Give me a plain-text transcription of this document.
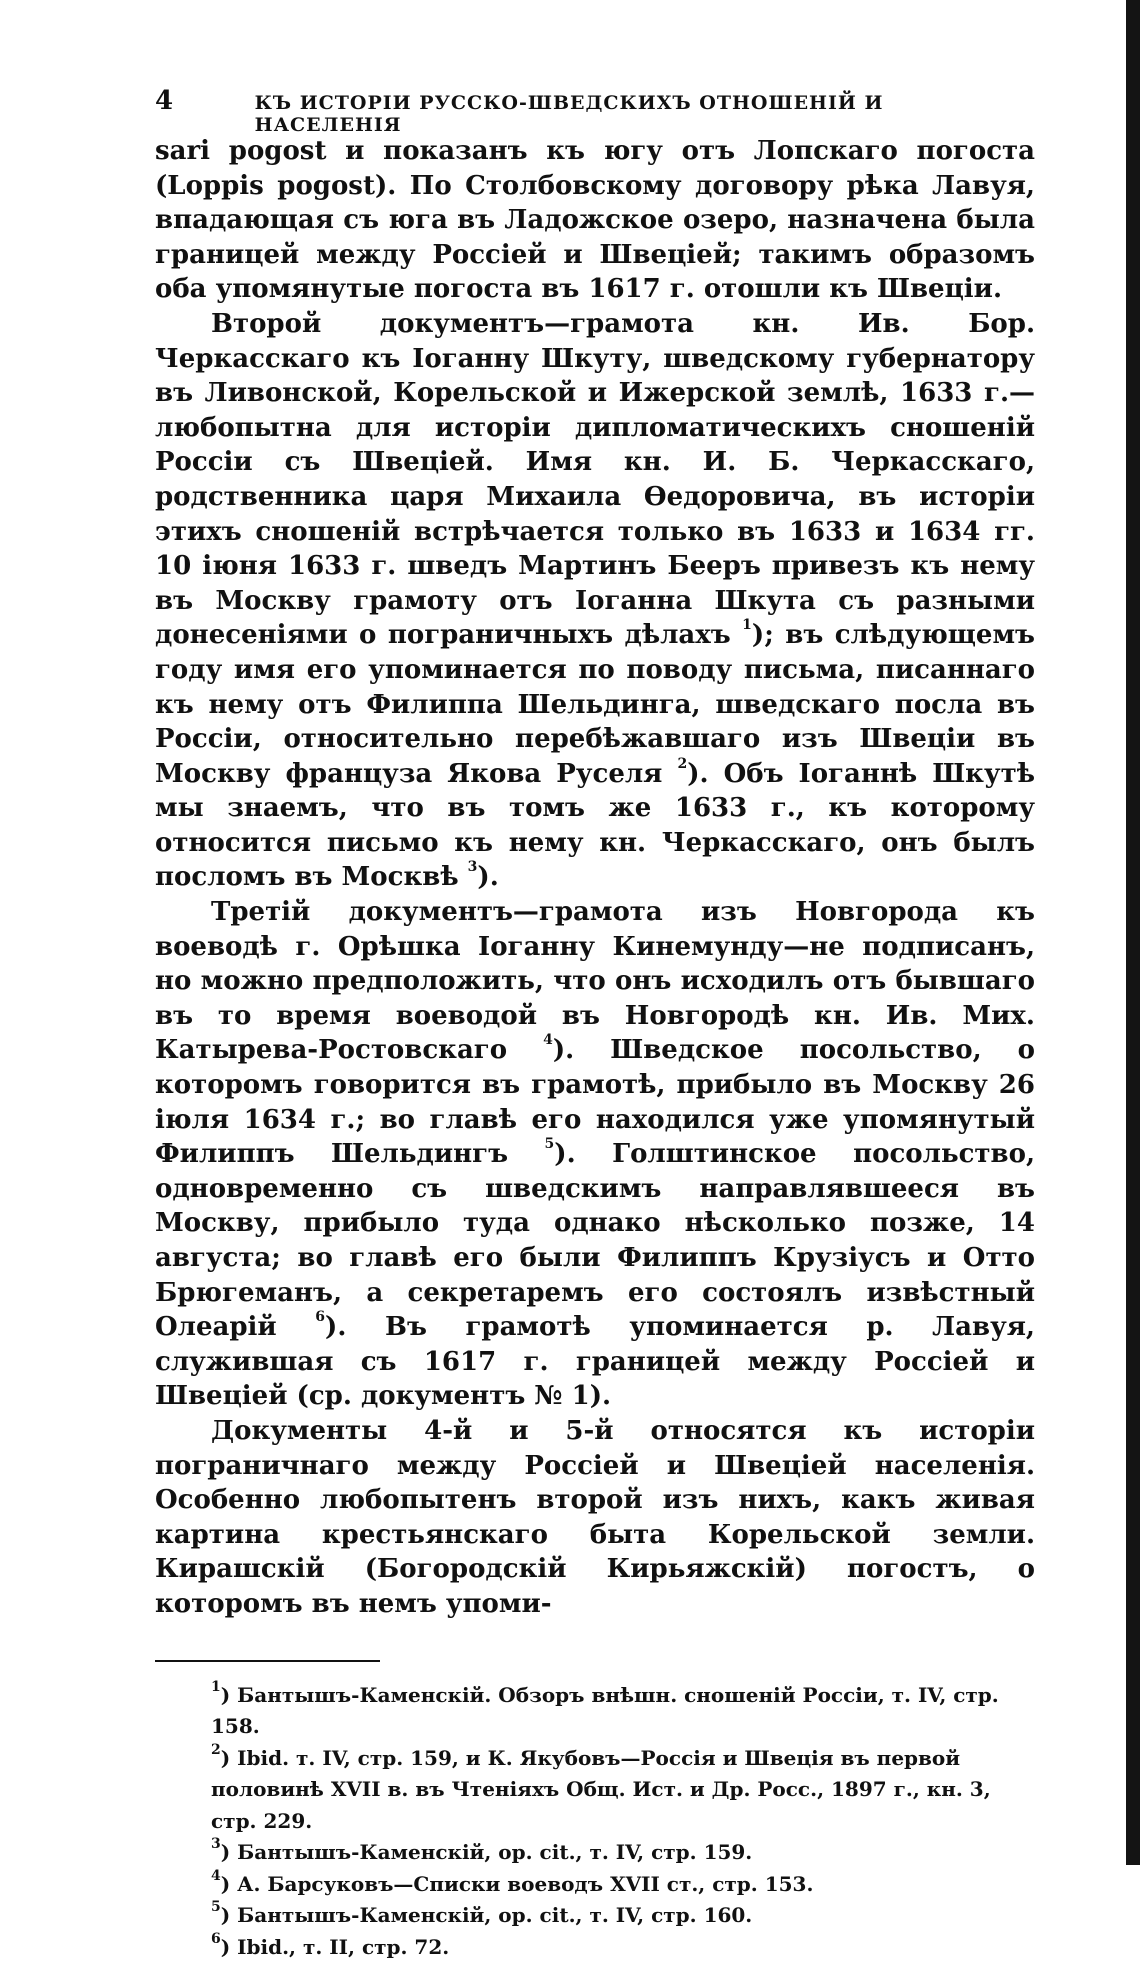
4	КЪ ИСТОРІИ РУССКО-ШВЕДСКИХЪ ОТНОШЕНІЙ И НАСЕЛЕНІЯ

sari pogost и показанъ къ югу отъ Лопскаго погоста (Loppis pogost). По Столбовскому договору рѣка Лавуя, впадающая съ юга въ Ладожское озеро, назначена была границей между Россіей и Швеціей; такимъ образомъ оба упомянутые погоста въ 1617 г. отошли къ Швеціи.

Второй документъ—грамота кн. Ив. Бор. Черкасскаго къ Іоганну Шкуту, шведскому губернатору въ Ливонской, Корельской и Ижерской землѣ, 1633 г.—любопытна для исторіи дипломатическихъ сношеній Россіи съ Швеціей. Имя кн. И. Б. Черкасскаго, родственника царя Михаила Ѳедоровича, въ исторіи этихъ сношеній встрѣчается только въ 1633 и 1634 гг. 10 іюня 1633 г. шведъ Мартинъ Бееръ привезъ къ нему въ Москву грамоту отъ Іоганна Шкута съ разными донесеніями о пограничныхъ дѣлахъ $^1$); въ слѣдующемъ году имя его упоминается по поводу письма, писаннаго къ нему отъ Филиппа Шельдинга, шведскаго посла въ Россіи, относительно перебѣжавшаго изъ Швеціи въ Москву француза Якова Руселя $^2$). Объ Іоганнѣ Шкутѣ мы знаемъ, что въ томъ же 1633 г., къ которому относится письмо къ нему кн. Черкасскаго, онъ былъ посломъ въ Москвѣ $^3$).

Третій документъ—грамота изъ Новгорода къ воеводѣ г. Орѣшка Іоганну Кинемунду—не подписанъ, но можно предположить, что онъ исходилъ отъ бывшаго въ то время воеводой въ Новгородѣ кн. Ив. Мих. Катырева-Ростовскаго	$^4$). Шведское посольство, о которомъ говорится въ грамотѣ, прибыло въ Москву 26 іюля 1634 г.; во главѣ его находился уже упомянутый Филиппъ Шельдингъ	$^5$). Голштинское посольство, одновременно съ шведскимъ направлявшееся въ Москву, прибыло туда однако нѣсколько позже, 14 августа; во главѣ его были Филиппъ Крузіусъ и Отто Брюгеманъ, а секретаремъ его состоялъ извѣстный Олеарій	$^6$). Въ грамотѣ упоминается р. Лавуя, служившая съ 1617 г. границей между Россіей и Швеціей (ср. документъ № 1).

Документы 4-й и 5-й относятся къ исторіи пограничнаго между Россіей и Швеціей населенія. Особенно любопытенъ второй изъ нихъ, какъ живая картина крестьянскаго быта Корельской земли. Кирашскій (Богородскій Кирьяжскій) погостъ, о которомъ въ немъ упоми-

$^1$) Бантышъ-Каменскій. Обзоръ внѣшн. сношеній Россіи, т. IV, стр. 158.
$^2$) Ibid. т. IV, стр. 159, и К. Якубовъ—Россія и Швеція въ первой половинѣ XVII в. въ Чтеніяхъ Общ. Ист. и Др. Росс., 1897 г., кн. 3, стр. 229.
$^3$) Бантышъ-Каменскій, op. cit., т. IV, стр. 159.
$^4$) А. Барсуковъ—Списки воеводъ XVII ст., стр. 153.
$^5$) Бантышъ-Каменскій, op. cit., т. IV, стр. 160.
$^6$) Ibid., т. II, стр. 72.
